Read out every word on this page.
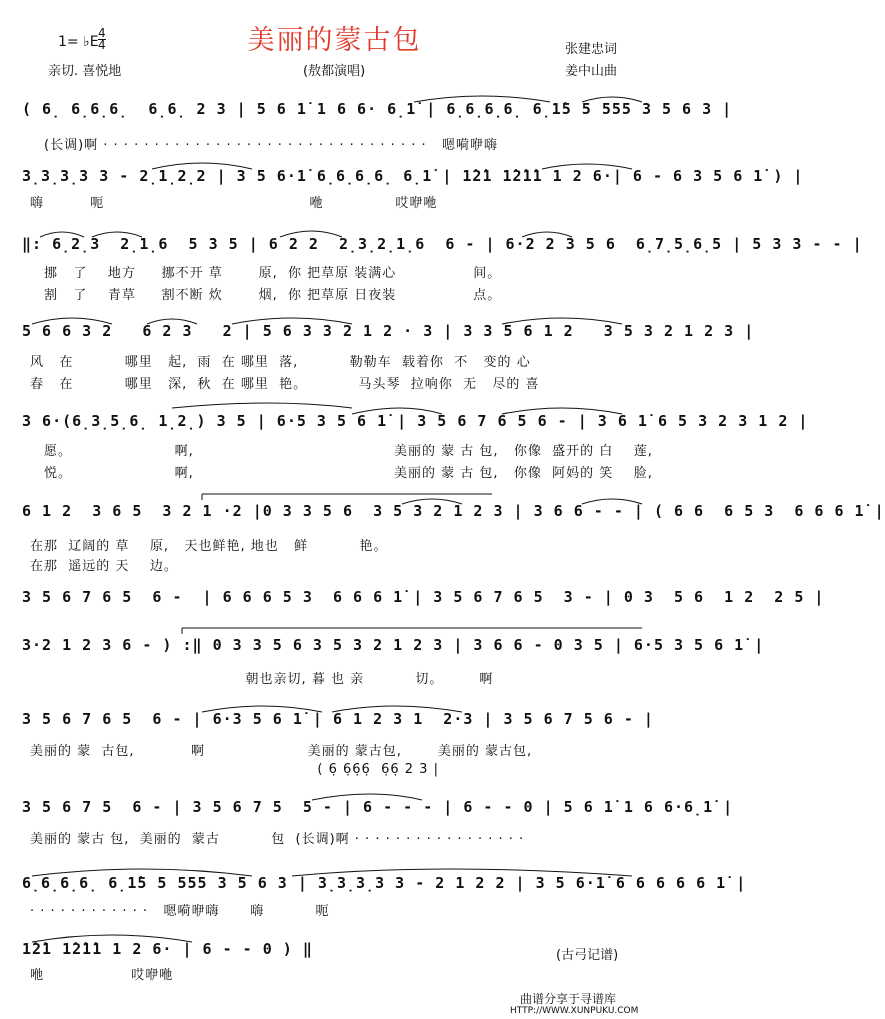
美丽的蒙古包
1= ♭E $\frac{4}{4}$
亲切. 喜悦地	(敖都演唱)
张建忠词
姜中山曲
( 6̣ 6̣6̣6̣  6̣6̣ 2 3 | 5 6 1̇ 1 6 6· 6̣1̇ | 6̣6̣6̣6̣ 6̣1̇5 5 555 3 5 6 3 |
(长调)啊 · · · · · · · · · · · · · · · · · · · · · · · · · · · · · · · ·   嗯嗬咿嗨
3̣3̣3̣3 3 - 2̣1̣2̣2 | 3 5 6·1̇ 6̣6̣6̣6̣ 6̣1̇ | 1̇2̇1 1̇2̇1̇1 1 2 6·| 6 - 6 3 5 6 1̇ ) |
嗨         呃                                        咃              哎咿咃
‖: 6̣2̣3  2̣1̣6  5 3 5 | 6 2 2  2̣3̣2̣1̣6  6 - | 6·2 2 3 5 6  6̣7̣5̣6̣5 | 5 3 3 - - |
挪   了    地方     挪不开 草       原,  你 把草原 装满心               间。
割   了    青草     割不断 炊       烟,  你 把草原 日夜装               点。
5 6 6 3 2   6 2 3   2 | 5 6 3 3 2 1 2 · 3 | 3 3 5 6 1 2   3 5 3 2 1 2 3 |
风   在          哪里   起,  雨  在 哪里  落,          勒勒车  载着你  不   变的 心
春   在          哪里   深,  秋  在 哪里  艳。          马头琴  拉响你  无   尽的 喜
3 6·(6̣3̣5̣6̣ 1̣2̣) 3 5 | 6·5 3 5 6 1̇ | 3 5 6 7 6 5 6 - | 3 6 1̇ 6 5 3 2 3 1 2 |
愿。                    啊,                                       美丽的 蒙 古 包,   你像  盛开的 白    莲,
悦。                    啊,                                       美丽的 蒙 古 包,   你像  阿妈的 笑    脸,
6 1 2  3 6 5  3 2 1 ·2 |0 3 3 5 6  3 5 3 2 1 2 3 | 3 6 6 - - | ( 6 6  6 5 3  6 6 6 1̇ |
在那  辽阔的 草    原,   天也鲜艳, 地也   鲜          艳。
在那  遥远的 天    边。
3 5 6 7 6 5  6 -  | 6 6 6 5 3  6 6 6 1̇ | 3 5 6 7 6 5  3 - | 0 3  5 6  1 2  2 5 |
3·2 1 2 3 6 - ) :‖ 0 3 3 5 6 3 5 3 2 1 2 3 | 3 6 6 - 0 3 5 | 6·5 3 5 6 1̇ |
朝也亲切, 暮 也 亲          切。       啊
3 5 6 7 6 5  6 - | 6·3 5 6 1̇ | 6 1 2 3 1  2·3 | 3 5 6 7 5 6 - |
美丽的 蒙  古包,           啊                    美丽的 蒙古包,       美丽的 蒙古包,
( 6̣ 6̣6̣6̣  6̣6̣ 2 3 |
3 5 6 7 5  6 - | 3 5 6 7 5  5 - | 6 - - - | 6 - - 0 | 5 6 1̇ 1 6 6·6̣1̇ |
美丽的 蒙古 包,  美丽的  蒙古          包  (长调)啊 · · · · · · · · · · · · · · · · ·
6̣6̣6̣6̣ 6̣1̇5 5 555 3 5 6 3 | 3̣3̣3̣3 3 - 2 1 2 2 | 3 5 6·1̇ 6 6 6 6 6 1̇ |
· · · · · · · · · · · ·   嗯嗬咿嗨      嗨          呃
1̇2̇1 1̇2̇1̇1 1 2 6· | 6 - - 0 ) ‖
咃                 哎咿咃
(古弓记谱)
曲谱分享于寻谱库
HTTP://WWW.XUNPUKU.COM
